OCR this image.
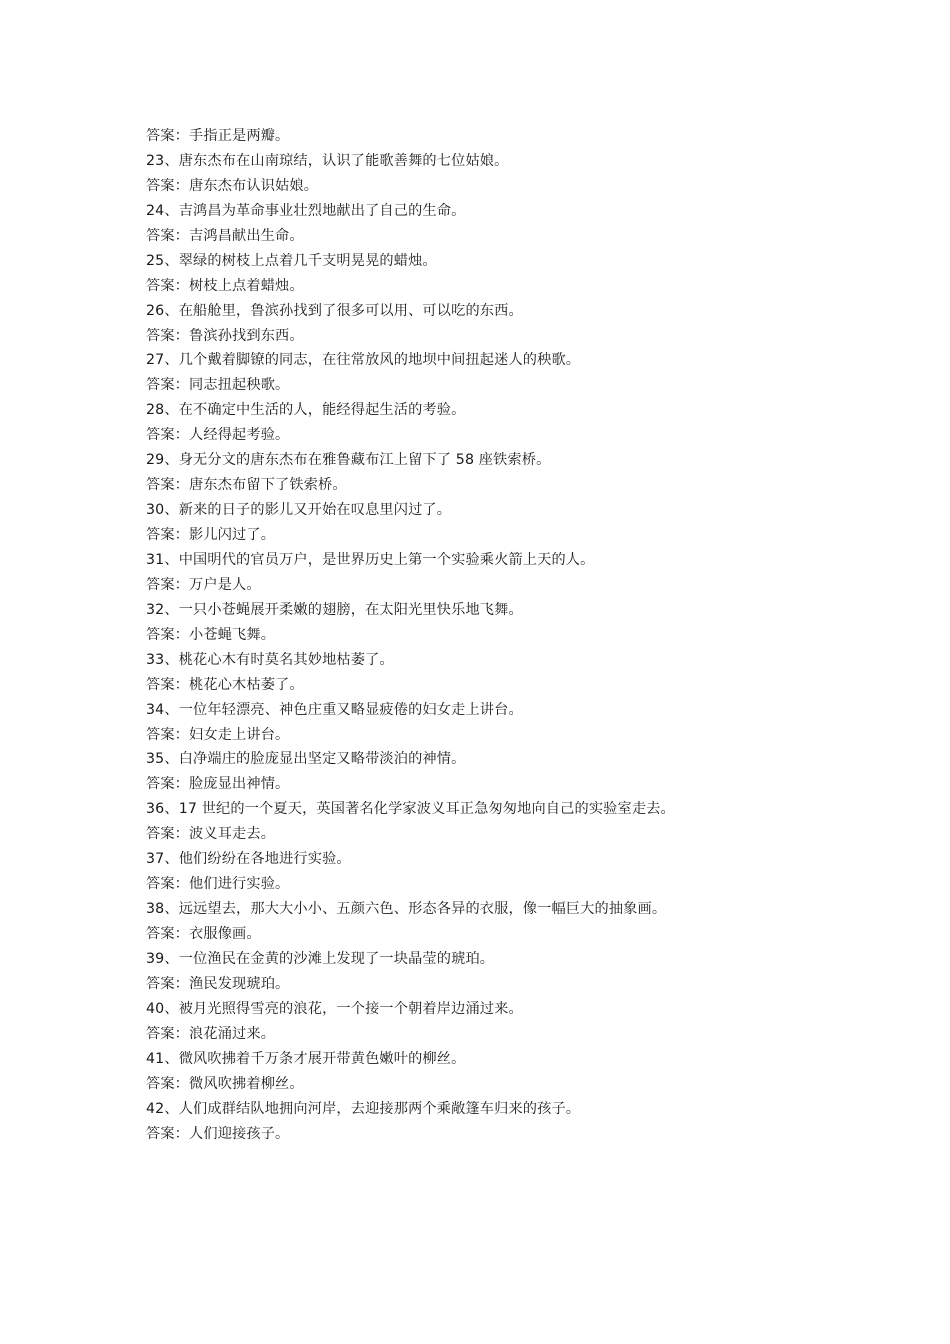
答案：手指正是两瓣。
23、唐东杰布在山南琼结，认识了能歌善舞的七位姑娘。
答案：唐东杰布认识姑娘。
24、吉鸿昌为革命事业壮烈地献出了自己的生命。
答案：吉鸿昌献出生命。
25、翠绿的树枝上点着几千支明晃晃的蜡烛。
答案：树枝上点着蜡烛。
26、在船舱里，鲁滨孙找到了很多可以用、可以吃的东西。
答案：鲁滨孙找到东西。
27、几个戴着脚镣的同志，在往常放风的地坝中间扭起迷人的秧歌。
答案：同志扭起秧歌。
28、在不确定中生活的人，能经得起生活的考验。
答案：人经得起考验。
29、身无分文的唐东杰布在雅鲁藏布江上留下了 58 座铁索桥。
答案：唐东杰布留下了铁索桥。
30、新来的日子的影儿又开始在叹息里闪过了。
答案：影儿闪过了。
31、中国明代的官员万户，是世界历史上第一个实验乘火箭上天的人。
答案：万户是人。
32、一只小苍蝇展开柔嫩的翅膀，在太阳光里快乐地飞舞。
答案：小苍蝇飞舞。
33、桃花心木有时莫名其妙地枯萎了。
答案：桃花心木枯萎了。
34、一位年轻漂亮、神色庄重又略显疲倦的妇女走上讲台。
答案：妇女走上讲台。
35、白净端庄的脸庞显出坚定又略带淡泊的神情。
答案：脸庞显出神情。
36、17 世纪的一个夏天，英国著名化学家波义耳正急匆匆地向自己的实验室走去。
答案：波义耳走去。
37、他们纷纷在各地进行实验。
答案：他们进行实验。
38、远远望去，那大大小小、五颜六色、形态各异的衣服，像一幅巨大的抽象画。
答案：衣服像画。
39、一位渔民在金黄的沙滩上发现了一块晶莹的琥珀。
答案：渔民发现琥珀。
40、被月光照得雪亮的浪花，一个接一个朝着岸边涌过来。
答案：浪花涌过来。
41、微风吹拂着千万条才展开带黄色嫩叶的柳丝。
答案：微风吹拂着柳丝。
42、人们成群结队地拥向河岸，去迎接那两个乘敞篷车归来的孩子。
答案：人们迎接孩子。
